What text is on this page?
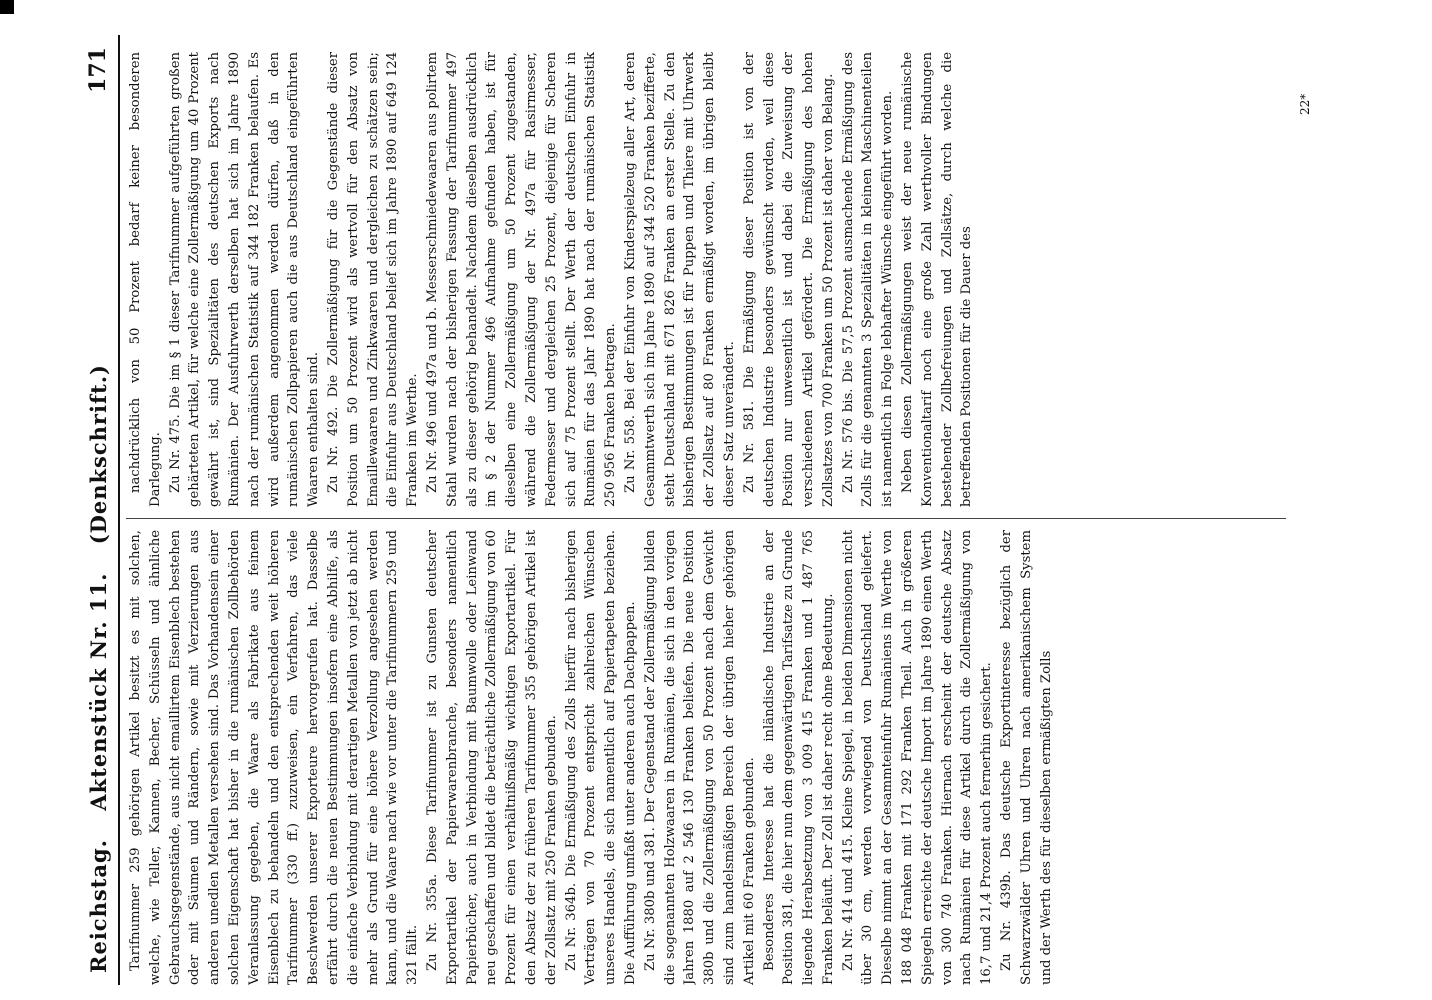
Reichstag. Aktenstück Nr. 11. (Denkschrift.)
171

Tarifnummer 259 gehörigen Artikel besitzt es mit solchen, welche, wie Teller, Kannen, Becher, Schüsseln und ähnliche Gebrauchsgegenstände, aus nicht emaillirtem Eisenblech bestehen oder mit Säumen und Rändern, sowie mit Verzierungen aus anderen unedlen Metallen versehen sind. Das Vorhandensein einer solchen Eigenschaft hat bisher in die rumänischen Zollbehörden Veranlassung gegeben, die Waare als Fabrikate aus feinem Eisenblech zu behandeln und den entsprechenden weit höheren Tarifnummer (330 ff.) zuzuweisen, ein Verfahren, das viele Beschwerden unserer Exporteure hervorgerufen hat. Dasselbe erfährt durch die neuen Bestimmungen insofern eine Abhilfe, als die einfache Verbindung mit derartigen Metallen von jetzt ab nicht mehr als Grund für eine höhere Verzollung angesehen werden kann, und die Waare nach wie vor unter die Tarifnummern 259 und 321 fällt. Zu Nr. 355a. Diese Tarifnummer ist zu Gunsten deutscher Exportartikel der Papierwarenbranche, besonders namentlich Papierbücher, auch in Verbindung mit Baumwolle oder Leinwand neu geschaffen und bildet die beträchtliche Zollermäßigung von 60 Prozent für einen verhältnißmäßig wichtigen Exportartikel. Für den Absatz der zu früheren Tarifnummer 355 gehörigen Artikel ist der Zollsatz mit 250 Franken gebunden. Zu Nr. 364b. Die Ermäßigung des Zolls hierfür nach bisherigen Verträgen von 70 Prozent entspricht zahlreichen Wünschen unseres Handels, die sich namentlich auf Papiertapeten beziehen. Die Aufführung umfaßt unter anderen auch Dachpappen. Zu Nr. 380b und 381. Der Gegenstand der Zollermäßigung bilden die sogenannten Holzwaaren in Rumänien, die sich in den vorigen Jahren 1880 auf 2 546 130 Franken beliefen. Die neue Position 380b und die Zollermäßigung von 50 Prozent nach dem Gewicht sind zum handelsmäßigen Bereich der übrigen hieher gehörigen Artikel mit 60 Franken gebunden. Besonderes Interesse hat die inländische Industrie an der Position 381, die hier nun dem gegenwärtigen Tarifsatze zu Grunde liegende Herabsetzung von 3 009 415 Franken und 1 487 765 Franken beläuft. Der Zoll ist daher recht ohne Bedeutung. Zu Nr. 414 und 415. Kleine Spiegel, in beiden Dimensionen nicht über 30 cm, werden vorwiegend von Deutschland geliefert. Dieselbe nimmt an der Gesammteinfuhr Rumäniens im Werthe von 188 048 Franken mit 171 292 Franken Theil. Auch in größeren Spiegeln erreichte der deutsche Import im Jahre 1890 einen Werth von 300 740 Franken. Hiernach erscheint der deutsche Absatz nach Rumänien für diese Artikel durch die Zollermäßigung von 16,7 und 21,4 Prozent auch fernerhin gesichert. Zu Nr. 439b. Das deutsche Exportinteresse bezüglich der Schwarzwälder Uhren und Uhren nach amerikanischem System und der Werth des für dieselben ermäßigten Zolls

nachdrücklich von 50 Prozent bedarf keiner besonderen Darlegung. Zu Nr. 475. Die im § 1 dieser Tarifnummer aufgeführten großen gehärteten Artikel, für welche eine Zollermäßigung um 40 Prozent gewährt ist, sind Spezialitäten des deutschen Exports nach Rumänien. Der Ausfuhrwerth derselben hat sich im Jahre 1890 nach der rumänischen Statistik auf 344 182 Franken belaufen. Es wird außerdem angenommen werden dürfen, daß in den rumänischen Zollpapieren auch die aus Deutschland eingeführten Waaren enthalten sind. Zu Nr. 492. Die Zollermäßigung für die Gegenstände dieser Position um 50 Prozent wird als wertvoll für den Absatz von Emaillewaaren und Zinkwaaren und dergleichen zu schätzen sein; die Einfuhr aus Deutschland belief sich im Jahre 1890 auf 649 124 Franken im Werthe. Zu Nr. 496 und 497a und b. Messerschmiedewaaren aus polirtem Stahl wurden nach der bisherigen Fassung der Tarifnummer 497 als zu dieser gehörig behandelt. Nachdem dieselben ausdrücklich im § 2 der Nummer 496 Aufnahme gefunden haben, ist für dieselben eine Zollermäßigung um 50 Prozent zugestanden, während die Zollermäßigung der Nr. 497a für Rasirmesser, Federmesser und dergleichen 25 Prozent, diejenige für Scheren sich auf 75 Prozent stellt. Der Werth der deutschen Einfuhr in Rumänien für das Jahr 1890 hat nach der rumänischen Statistik 250 956 Franken betragen. Zu Nr. 558. Bei der Einfuhr von Kinderspielzeug aller Art, deren Gesammtwerth sich im Jahre 1890 auf 344 520 Franken bezifferte, steht Deutschland mit 671 826 Franken an erster Stelle. Zu den bisherigen Bestimmungen ist für Puppen und Thiere mit Uhrwerk der Zollsatz auf 80 Franken ermäßigt worden, im übrigen bleibt dieser Satz unverändert. Zu Nr. 581. Die Ermäßigung dieser Position ist von der deutschen Industrie besonders gewünscht worden, weil diese Position nur unwesentlich ist und dabei die Zuweisung der verschiedenen Artikel gefördert. Die Ermäßigung des hohen Zollsatzes von 700 Franken um 50 Prozent ist daher von Belang. Zu Nr. 576 bis. Die 57,5 Prozent ausmachende Ermäßigung des Zolls für die genannten 3 Spezialitäten in kleinen Maschinenteilen ist namentlich in Folge lebhafter Wünsche eingeführt worden. Neben diesen Zollermäßigungen weist der neue rumänische Konventionaltarif noch eine große Zahl werthvoller Bindungen bestehender Zollbefreiungen und Zollsätze, durch welche die betreffenden Positionen für die Dauer des

22*
